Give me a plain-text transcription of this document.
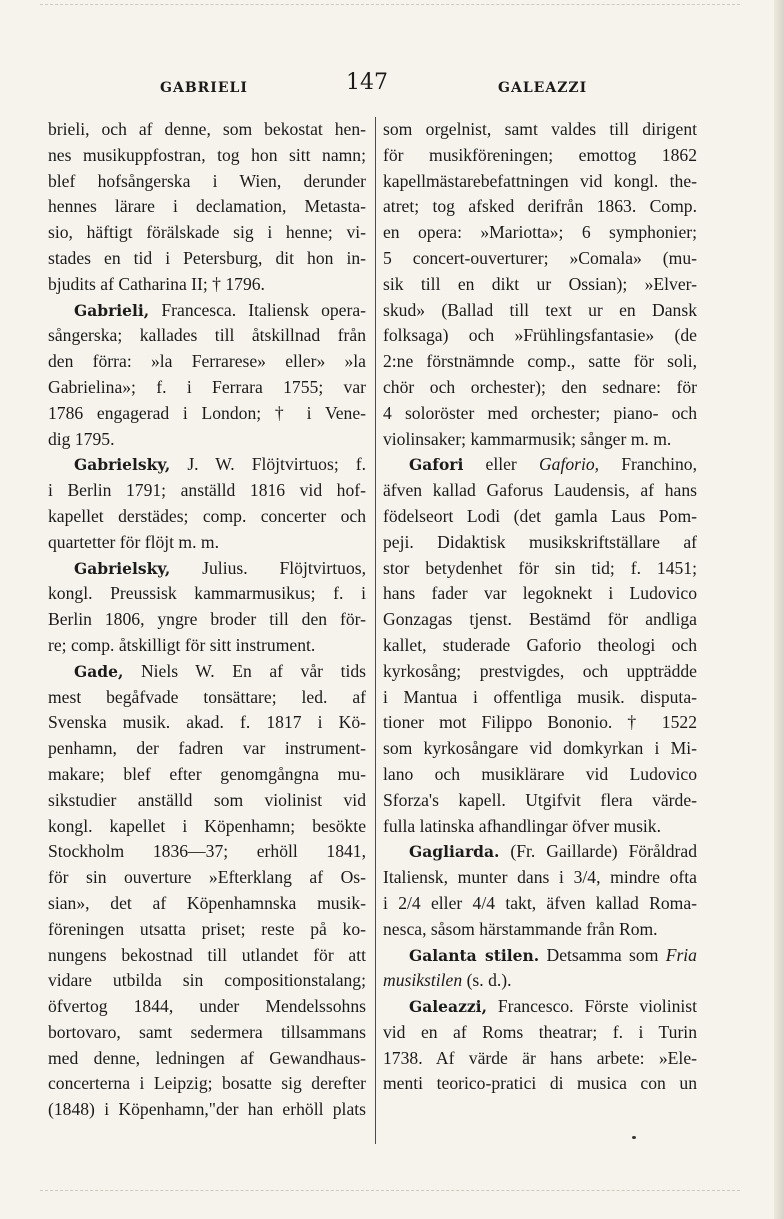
GABRIELI	147	GALEAZZI
brieli, och af denne, som bekostat hen-
nes musikuppfostran, tog hon sitt namn;
blef hofsångerska i Wien, derunder
hennes lärare i declamation, Metasta-
sio, häftigt förälskade sig i henne; vi-
stades en tid i Petersburg, dit hon in-
bjudits af Catharina II; † 1796.
Gabrieli, Francesca. Italiensk opera-
sångerska; kallades till åtskillnad från
den förra: »la Ferrarese» eller» »la
Gabrielina»; f. i Ferrara 1755; var
1786 engagerad i London; † i Vene-
dig 1795.
Gabrielsky, J. W. Flöjtvirtuos; f.
i Berlin 1791; anställd 1816 vid hof-
kapellet derstädes; comp. concerter och
quartetter för flöjt m. m.
Gabrielsky, Julius. Flöjtvirtuos,
kongl. Preussisk kammarmusikus; f. i
Berlin 1806, yngre broder till den för-
re; comp. åtskilligt för sitt instrument.
Gade, Niels W. En af vår tids
mest begåfvade tonsättare; led. af
Svenska musik. akad. f. 1817 i Kö-
penhamn, der fadren var instrument-
makare; blef efter genomgångna mu-
sikstudier anställd som violinist vid
kongl. kapellet i Köpenhamn; besökte
Stockholm 1836—37; erhöll 1841,
för sin ouverture »Efterklang af Os-
sian», det af Köpenhamnska musik-
föreningen utsatta priset; reste på ko-
nungens bekostnad till utlandet för att
vidare utbilda sin compositionstalang;
öfvertog 1844, under Mendelssohns
bortovaro, samt sedermera tillsammans
med denne, ledningen af Gewandhaus-
concerterna i Leipzig; bosatte sig derefter
(1848) i Köpenhamn,"der han erhöll plats
som orgelnist, samt valdes till dirigent
för musikföreningen; emottog 1862
kapellmästarebefattningen vid kongl. the-
atret; tog afsked derifrån 1863. Comp.
en opera: »Mariotta»; 6 symphonier;
5 concert-ouverturer; »Comala» (mu-
sik till en dikt ur Ossian); »Elver-
skud» (Ballad till text ur en Dansk
folksaga) och »Frühlingsfantasie» (de
2:ne förstnämnde comp., satte för soli,
chör och orchester); den sednare: för
4 soloröster med orchester; piano- och
violinsaker; kammarmusik; sånger m. m.
Gafori eller Gaforio, Franchino,
äfven kallad Gaforus Laudensis, af hans
födelseort Lodi (det gamla Laus Pom-
peji. Didaktisk musikskriftställare af
stor betydenhet för sin tid; f. 1451;
hans fader var legoknekt i Ludovico
Gonzagas tjenst. Bestämd för andliga
kallet, studerade Gaforio theologi och
kyrkosång; prestvigdes, och uppträdde
i Mantua i offentliga musik. disputa-
tioner mot Filippo Bononio. † 1522
som kyrkosångare vid domkyrkan i Mi-
lano och musiklärare vid Ludovico
Sforza's kapell. Utgifvit flera värde-
fulla latinska afhandlingar öfver musik.
Gagliarda. (Fr. Gaillarde) Föråldrad
Italiensk, munter dans i 3/4, mindre ofta
i 2/4 eller 4/4 takt, äfven kallad Roma-
nesca, såsom härstammande från Rom.
Galanta stilen. Detsamma som Fria
musikstilen (s. d.).
Galeazzi, Francesco. Förste violinist
vid en af Roms theatrar; f. i Turin
1738. Af värde är hans arbete: »Ele-
menti teorico-pratici di musica con un
